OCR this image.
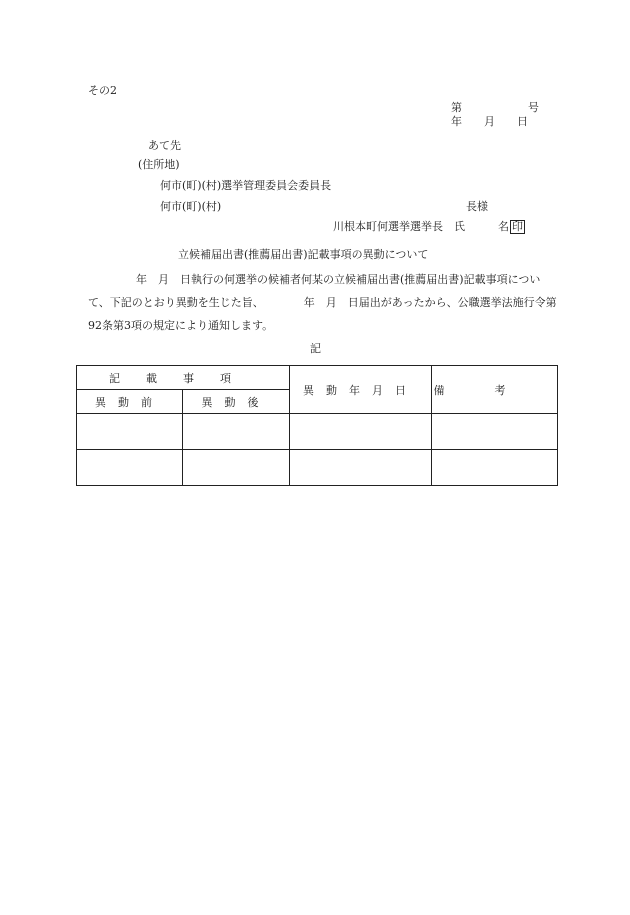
その2
第　　　　　　号
年　　月　　日
あて先
(住所地)
何市(町)(村)選挙管理委員会委員長
何市(町)(村)	長様
川根本町何選挙選挙長　氏　　　名 印
立候補届出書(推薦届出書)記載事項の異動について
年　月　日執行の何選挙の候補者何某の立候補届出書(推薦届出書)記載事項について、下記のとおり異動を生じた旨、	年　月　日届出があったから、公職選挙法施行令第92条第3項の規定により通知します。
記
記載事項		異動年月日	備考
異動前	異動後		
